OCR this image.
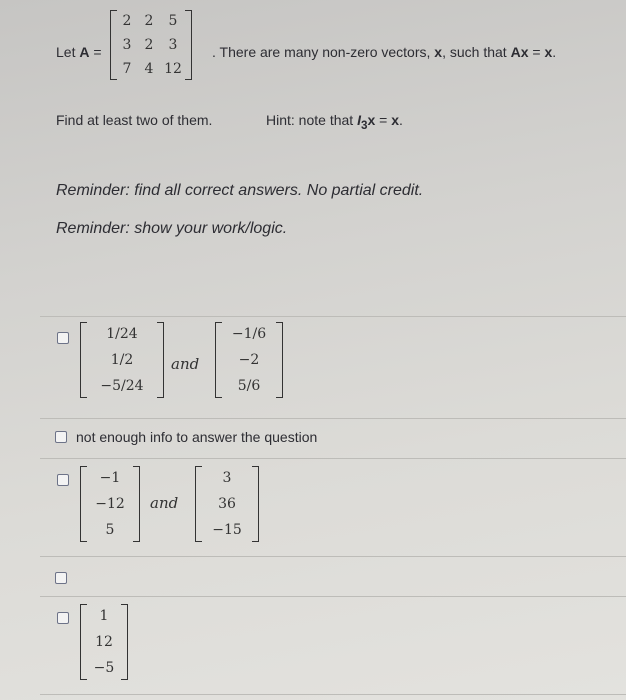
Let A =
2 2	5
3 2	3
7 4 12
. There are many non-zero vectors, x, such that Ax = x.
Find at least two of them.	Hint: note that $I_3x = x$.
Reminder: find all correct answers. No partial credit.
Reminder: show your work/logic.
1/24
1/2
−5/24
and
−1/6
−2
5/6
not enough info to answer the question
−1
−12
5
and
3
36
−15
1
12
−5
